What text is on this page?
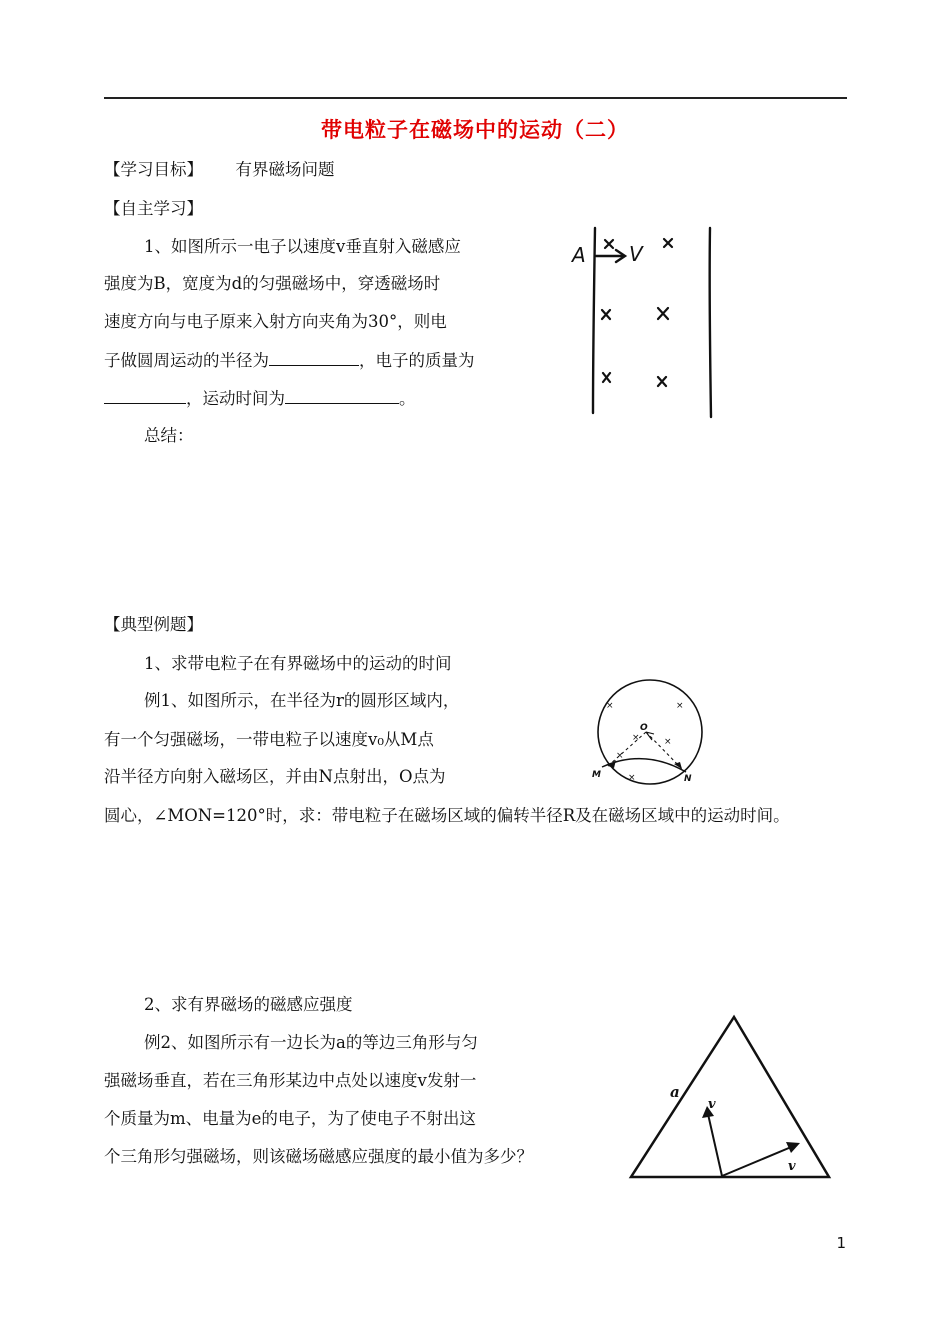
带电粒子在磁场中的运动（二）
【学习目标】 有界磁场问题
【自主学习】
1、如图所示一电子以速度v垂直射入磁感应
强度为B，宽度为d的匀强磁场中，穿透磁场时
速度方向与电子原来入射方向夹角为30°，则电
子做圆周运动的半径为	，电子的质量为
，运动时间为	。
总结：
A V
【典型例题】
1、求带电粒子在有界磁场中的运动的时间
例1、如图所示，在半径为r的圆形区域内，
有一个匀强磁场，一带电粒子以速度v₀从M点
沿半径方向射入磁场区，并由N点射出，O点为
圆心，∠MON=120°时，求：带电粒子在磁场区域的偏转半径R及在磁场区域中的运动时间。
×	×
×
×
×
×
O
M	N
2、求有界磁场的磁感应强度
例2、如图所示有一边长为a的等边三角形与匀
强磁场垂直，若在三角形某边中点处以速度v发射一
个质量为m、电量为e的电子，为了使电子不射出这
个三角形匀强磁场，则该磁场磁感应强度的最小值为多少？
a
v
v
1
